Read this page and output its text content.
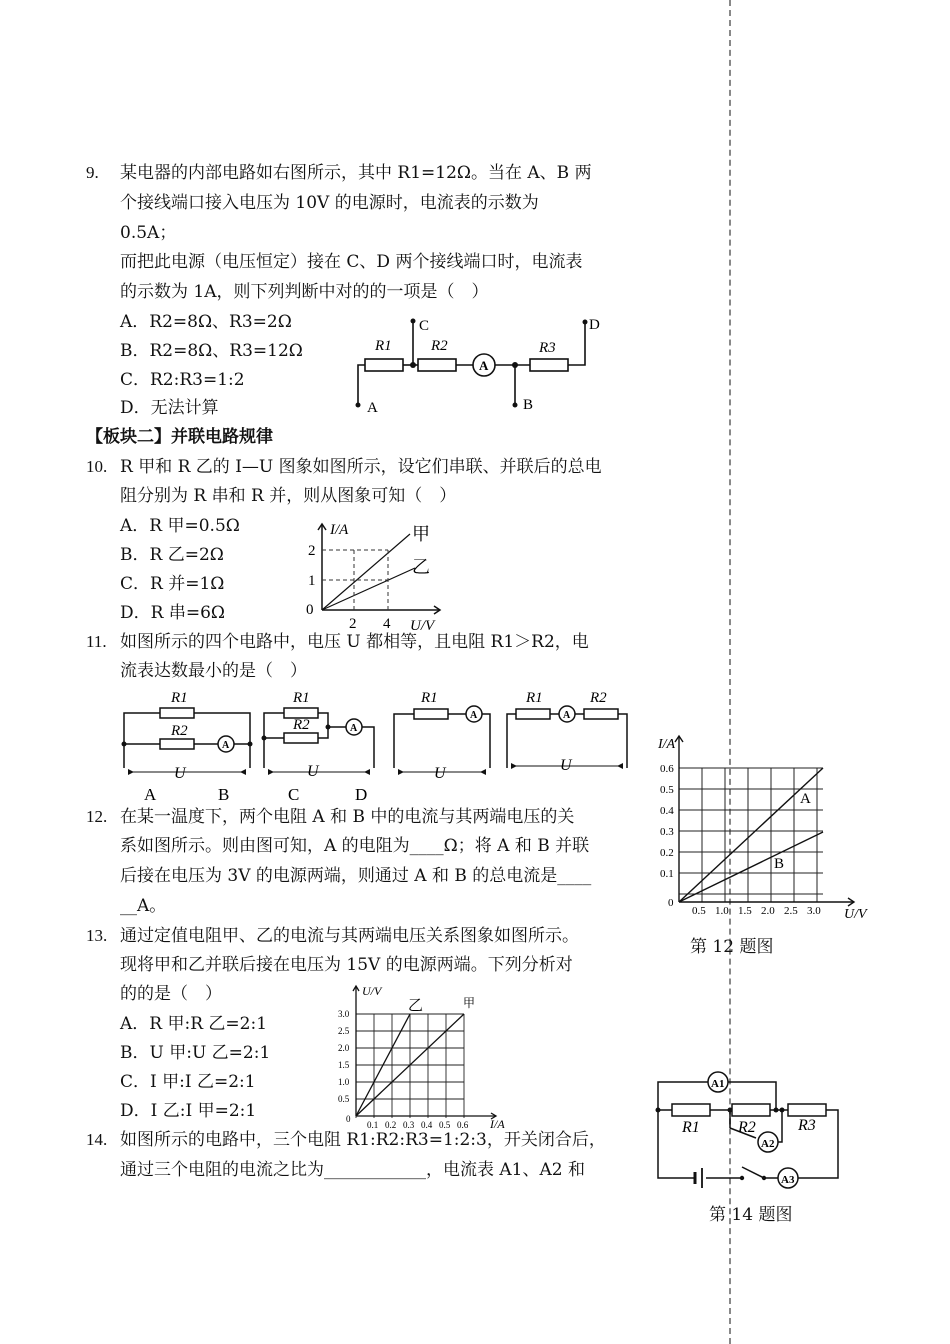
9. 某电器的内部电路如右图所示，其中 R1=12Ω。当在 A、B 两
个接线端口接入电压为 10V 的电源时，电流表的示数为
0.5A；
而把此电源（电压恒定）接在 C、D 两个接线端口时，电流表
的示数为 1A，则下列判断中对的的一项是（　）
A．R2=8Ω、R3=2Ω
B．R2=8Ω、R3=12Ω
C．R2:R3=1:2
D．无法计算
R1	R2	R3
A
C	D
A	B
【板块二】并联电路规律
10. R 甲和 R 乙的 I—U 图象如图所示，设它们串联、并联后的总电
阻分别为 R 串和 R 并，则从图象可知（　）
A．R 甲=0.5Ω
B．R 乙=2Ω
C．R 并=1Ω
D．R 串=6Ω
I/A
U/V
甲
乙
2
1
0
2 4
11. 如图所示的四个电路中，电压 U 都相等，且电阻 R1＞R2，电
流表达数最小的是（　）
R1
R2
A
U
R1
R2	A
U
R1
A
U
R1	R2
A
U
A	B	C	D
12. 在某一温度下，两个电阻 A 和 B 中的电流与其两端电压的关
系如图所示。则由图可知，A 的电阻为____Ω；将 A 和 B 并联
后接在电压为 3V 的电源两端，则通过 A 和 B 的总电流是____
__A。
I/A
U/V
A
B
0.6
0.5
0.4
0.3
0.2
0.1
0
0.5 1.0 1.5 2.0 2.5 3.0
第 12 题图
13. 通过定值电阻甲、乙的电流与其两端电压关系图象如图所示。
现将甲和乙并联后接在电压为 15V 的电源两端。下列分析对
的的是（　）
A．R 甲:R 乙=2:1
B．U 甲:U 乙=2:1
C．I 甲:I 乙=2:1
D．I 乙:I 甲=2:1
U/V
I/A
乙	甲
3.0
2.5
2.0
1.5
1.0
0.5
0
0.1 0.2 0.3 0.4 0.5 0.6
14. 如图所示的电路中，三个电阻 R1:R2:R3=1:2:3，开关闭合后，
通过三个电阻的电流之比为____________，电流表 A1、A2 和
A1
A2
A3
R1 R2	R3
第 14 题图
